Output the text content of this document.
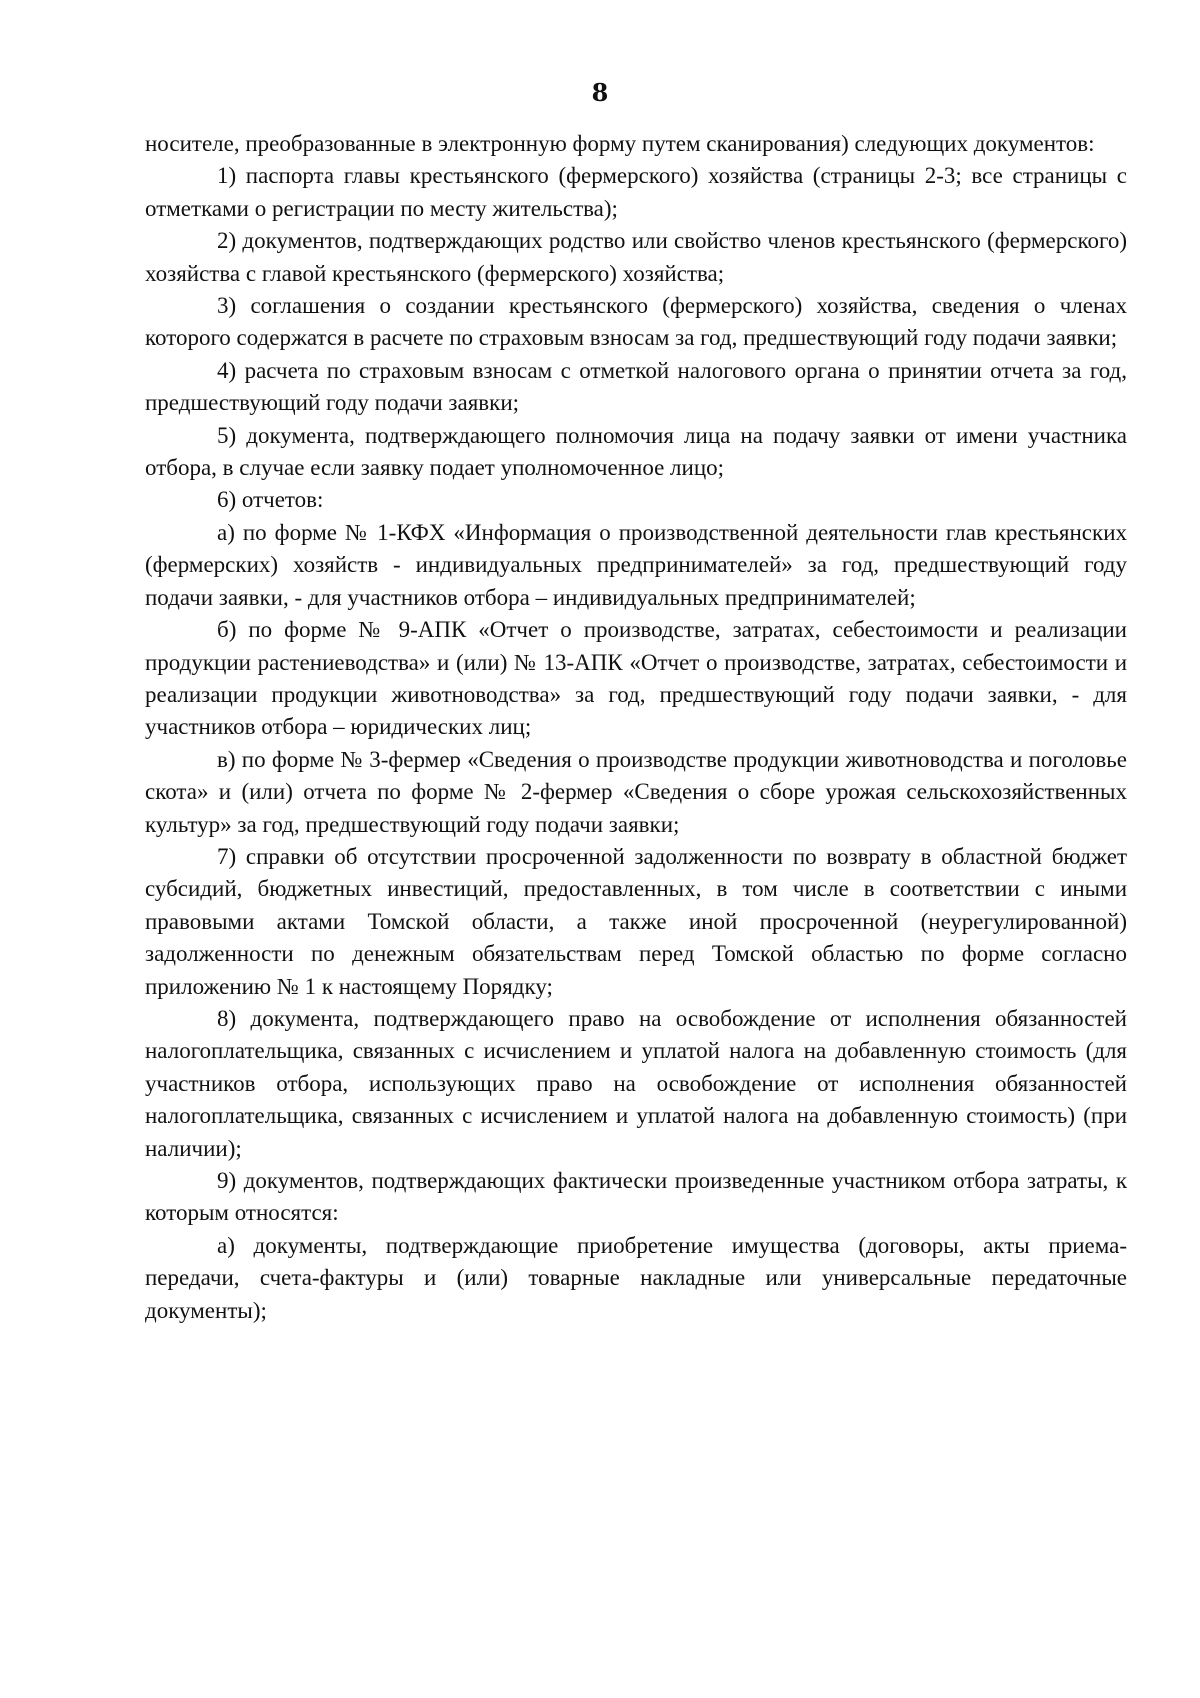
8

носителе, преобразованные в электронную форму путем сканирования) следующих документов:

1) паспорта главы крестьянского (фермерского) хозяйства (страницы 2-3; все страницы с отметками о регистрации по месту жительства);

2) документов, подтверждающих родство или свойство членов крестьянского (фермерского) хозяйства с главой крестьянского (фермерского) хозяйства;

3) соглашения о создании крестьянского (фермерского) хозяйства, сведения о членах которого содержатся в расчете по страховым взносам за год, предшествующий году подачи заявки;

4) расчета по страховым взносам с отметкой налогового органа о принятии отчета за год, предшествующий году подачи заявки;

5) документа, подтверждающего полномочия лица на подачу заявки от имени участника отбора, в случае если заявку подает уполномоченное лицо;

6) отчетов:

а) по форме № 1-КФХ «Информация о производственной деятельности глав крестьянских (фермерских) хозяйств - индивидуальных предпринимателей» за год, предшествующий году подачи заявки, - для участников отбора – индивидуальных предпринимателей;

б) по форме № 9-АПК «Отчет о производстве, затратах, себестоимости и реализации продукции растениеводства» и (или) № 13-АПК «Отчет о производстве, затратах, себестоимости и реализации продукции животноводства» за год, предшествующий году подачи заявки, - для участников отбора – юридических лиц;

в) по форме № 3-фермер «Сведения о производстве продукции животноводства и поголовье скота» и (или) отчета по форме № 2-фермер «Сведения о сборе урожая сельскохозяйственных культур» за год, предшествующий году подачи заявки;

7) справки об отсутствии просроченной задолженности по возврату в областной бюджет субсидий, бюджетных инвестиций, предоставленных, в том числе в соответствии с иными правовыми актами Томской области, а также иной просроченной (неурегулированной) задолженности по денежным обязательствам перед Томской областью по форме согласно приложению № 1 к настоящему Порядку;

8) документа, подтверждающего право на освобождение от исполнения обязанностей налогоплательщика, связанных с исчислением и уплатой налога на добавленную стоимость (для участников отбора, использующих право на освобождение от исполнения обязанностей налогоплательщика, связанных с исчислением и уплатой налога на добавленную стоимость) (при наличии);

9) документов, подтверждающих фактически произведенные участником отбора затраты, к которым относятся:

а) документы, подтверждающие приобретение имущества (договоры, акты приема-передачи, счета-фактуры и (или) товарные накладные или универсальные передаточные документы);
